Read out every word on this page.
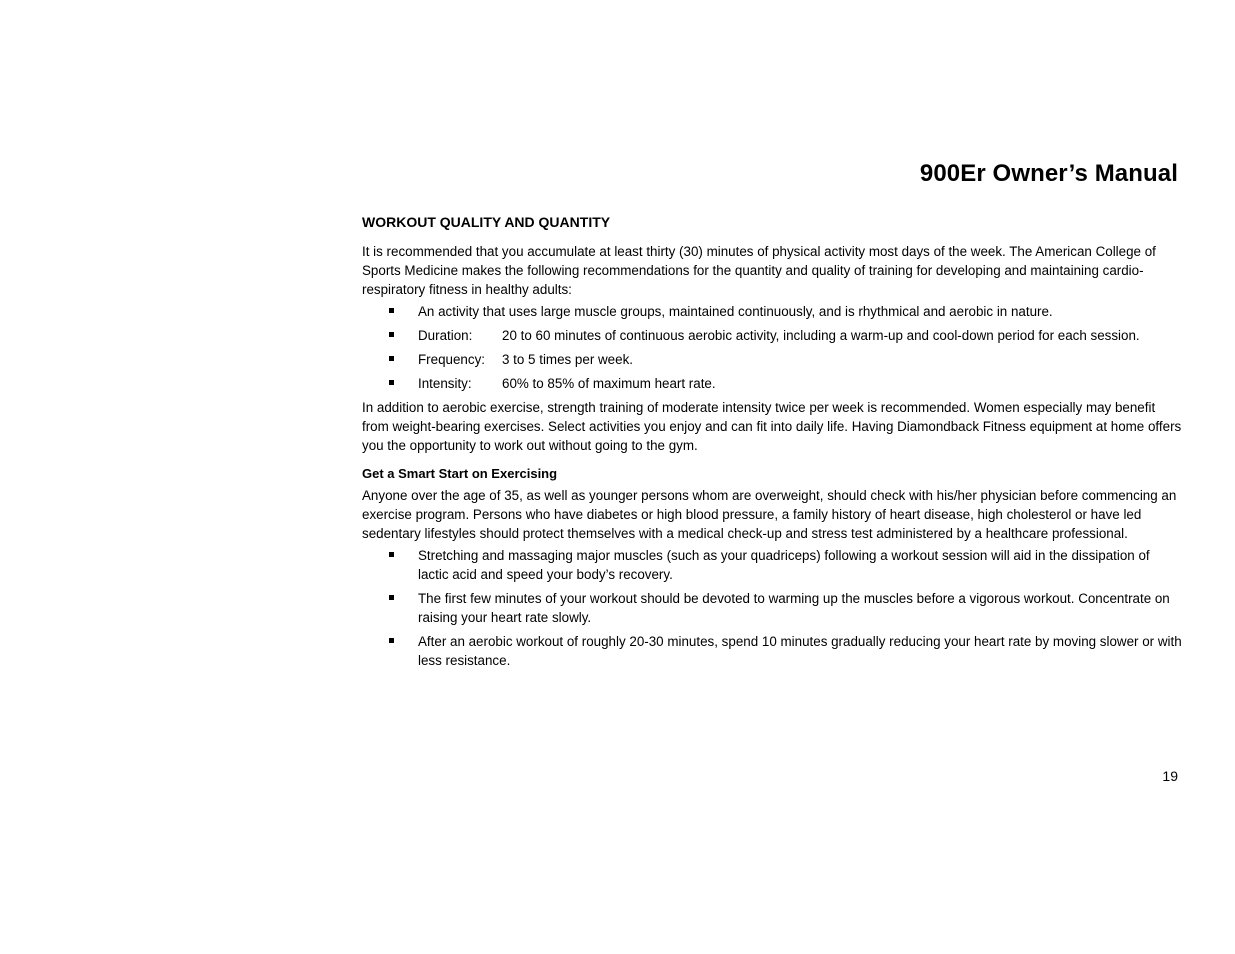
900Er Owner’s Manual
WORKOUT QUALITY AND QUANTITY

It is recommended that you accumulate at least thirty (30) minutes of physical activity most days of the week. The American College of Sports Medicine makes the following recommendations for the quantity and quality of training for developing and maintaining cardio-respiratory fitness in healthy adults:

An activity that uses large muscle groups, maintained continuously, and is rhythmical and aerobic in nature.
Duration:	20 to 60 minutes of continuous aerobic activity, including a warm-up and cool-down period for each session.
Frequency:	3 to 5 times per week.
Intensity:	60% to 85% of maximum heart rate.

In addition to aerobic exercise, strength training of moderate intensity twice per week is recommended. Women especially may benefit from weight-bearing exercises. Select activities you enjoy and can fit into daily life. Having Diamondback Fitness equipment at home offers you the opportunity to work out without going to the gym.

Get a Smart Start on Exercising

Anyone over the age of 35, as well as younger persons whom are overweight, should check with his/her physician before commencing an exercise program. Persons who have diabetes or high blood pressure, a family history of heart disease, high cholesterol or have led sedentary lifestyles should protect themselves with a medical check-up and stress test administered by a healthcare professional.

Stretching and massaging major muscles (such as your quadriceps) following a workout session will aid in the dissipation of lactic acid and speed your body’s recovery.
The first few minutes of your workout should be devoted to warming up the muscles before a vigorous workout. Concentrate on raising your heart rate slowly.
After an aerobic workout of roughly 20-30 minutes, spend 10 minutes gradually reducing your heart rate by moving slower or with less resistance.
19
